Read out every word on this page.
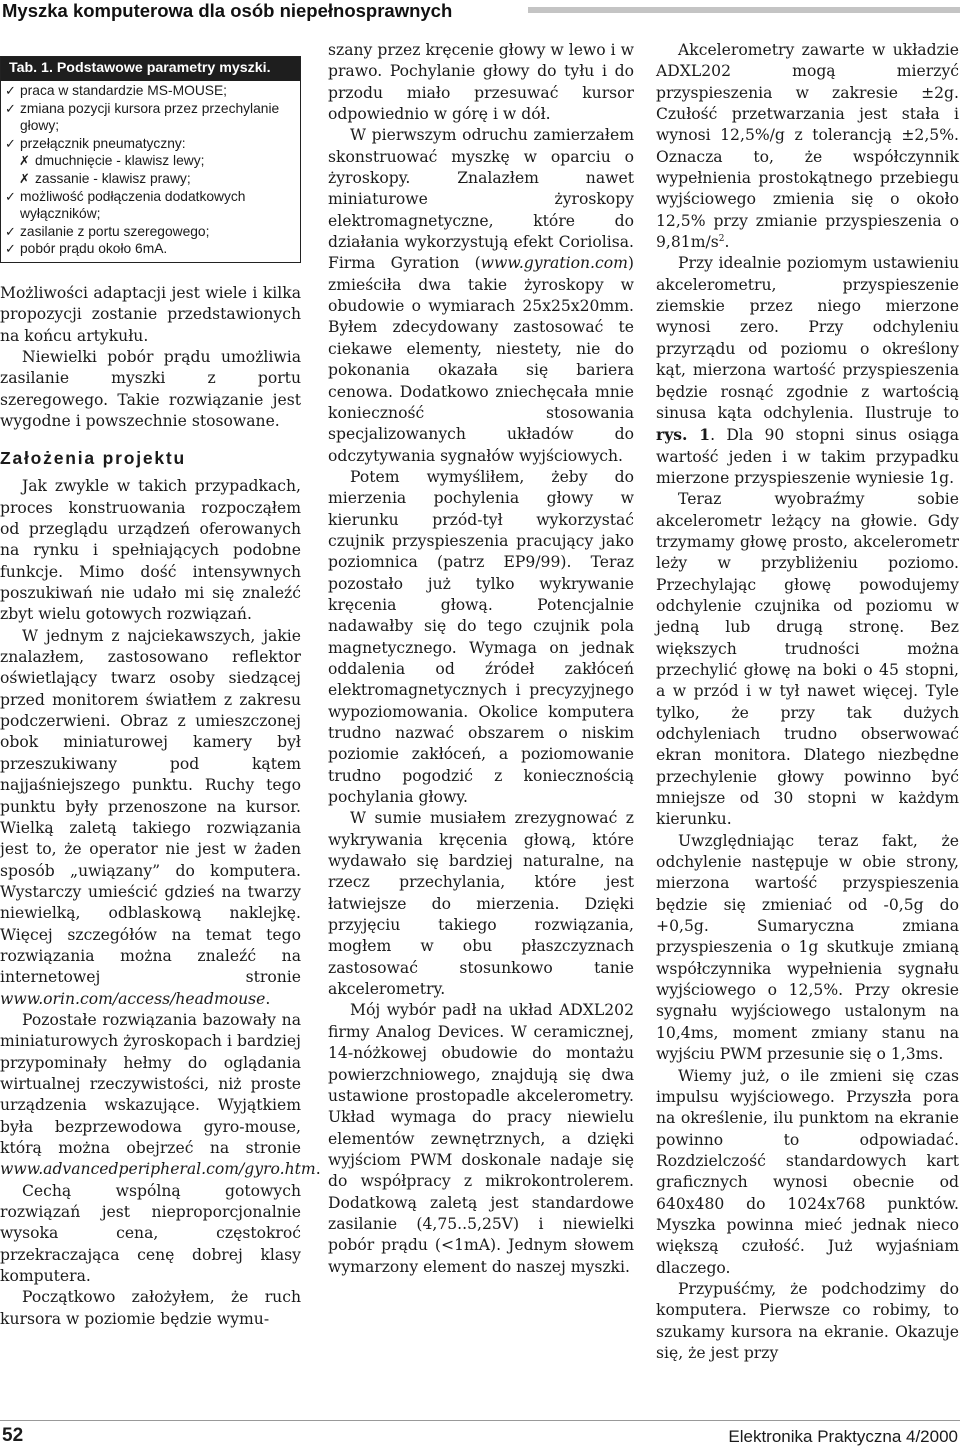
Myszka komputerowa dla osób niepełnosprawnych
Tab. 1. Podstawowe parametry myszki.
✓ praca w standardzie MS-MOUSE;
✓ zmiana pozycji kursora przez przechylanie głowy;
✓ przełącznik pneumatyczny:
✗ dmuchnięcie - klawisz lewy;
✗ zassanie - klawisz prawy;
✓ możliwość podłączenia dodatkowych wyłączników;
✓ zasilanie z portu szeregowego;
✓ pobór prądu około 6mA.

Możliwości adaptacji jest wiele i kilka propozycji zostanie przedstawionych na końcu artykułu.

Niewielki pobór prądu umożliwia zasilanie myszki z portu szeregowego. Takie rozwiązanie jest wygodne i powszechnie stosowane.

Założenia projektu

Jak zwykle w takich przypadkach, proces konstruowania rozpocząłem od przeglądu urządzeń oferowanych na rynku i spełniających podobne funkcje. Mimo dość intensywnych poszukiwań nie udało mi się znaleźć zbyt wielu gotowych rozwiązań.

W jednym z najciekawszych, jakie znalazłem, zastosowano reflektor oświetlający twarz osoby siedzącej przed monitorem światłem z zakresu podczerwieni. Obraz z umieszczonej obok miniaturowej kamery był przeszukiwany pod kątem najjaśniejszego punktu. Ruchy tego punktu były przenoszone na kursor. Wielką zaletą takiego rozwiązania jest to, że operator nie jest w żaden sposób „uwiązany” do komputera. Wystarczy umieścić gdzieś na twarzy niewielką, odblaskową naklejkę. Więcej szczegółów na temat tego rozwiązania można znaleźć na internetowej stronie www.orin.com/access/headmouse.

Pozostałe rozwiązania bazowały na miniaturowych żyroskopach i bardziej przypominały hełmy do oglądania wirtualnej rzeczywistości, niż proste urządzenia wskazujące. Wyjątkiem była bezprzewodowa gyro-mouse, którą można obejrzeć na stronie www.advancedperipheral.com/gyro.htm.

Cechą wspólną gotowych rozwiązań jest nieproporcjonalnie wysoka cena, częstokroć przekraczająca cenę dobrej klasy komputera.

Początkowo założyłem, że ruch kursora w poziomie będzie wymu-

szany przez kręcenie głowy w lewo i w prawo. Pochylanie głowy do tyłu i do przodu miało przesuwać kursor odpowiednio w górę i w dół.

W pierwszym odruchu zamierzałem skonstruować myszkę w oparciu o żyroskopy. Znalazłem nawet miniaturowe żyroskopy elektromagnetyczne, które do działania wykorzystują efekt Coriolisa. Firma Gyration (www.gyration.com) zmieściła dwa takie żyroskopy w obudowie o wymiarach 25x25x20mm. Byłem zdecydowany zastosować te ciekawe elementy, niestety, nie do pokonania okazała się bariera cenowa. Dodatkowo zniechęcała mnie konieczność stosowania specjalizowanych układów do odczytywania sygnałów wyjściowych.

Potem wymyśliłem, żeby do mierzenia pochylenia głowy w kierunku przód-tył wykorzystać czujnik przyspieszenia pracujący jako poziomnica (patrz EP9/99). Teraz pozostało już tylko wykrywanie kręcenia głową. Potencjalnie nadawałby się do tego czujnik pola magnetycznego. Wymaga on jednak oddalenia od źródeł zakłóceń elektromagnetycznych i precyzyjnego wypoziomowania. Okolice komputera trudno nazwać obszarem o niskim poziomie zakłóceń, a poziomowanie trudno pogodzić z koniecznością pochylania głowy.

W sumie musiałem zrezygnować z wykrywania kręcenia głową, które wydawało się bardziej naturalne, na rzecz przechylania, które jest łatwiejsze do mierzenia. Dzięki przyjęciu takiego rozwiązania, mogłem w obu płaszczyznach zastosować stosunkowo tanie akcelerometry.

Mój wybór padł na układ ADXL202 firmy Analog Devices. W ceramicznej, 14-nóżkowej obudowie do montażu powierzchniowego, znajdują się dwa ustawione prostopadle akcelerometry. Układ wymaga do pracy niewielu elementów zewnętrznych, a dzięki wyjściom PWM doskonale nadaje się do współpracy z mikrokontrolerem. Dodatkową zaletą jest standardowe zasilanie (4,75..5,25V) i niewielki pobór prądu (<1mA). Jednym słowem wymarzony element do naszej myszki.

Akcelerometry zawarte w układzie ADXL202 mogą mierzyć przyspieszenia w zakresie ±2g. Czułość przetwarzania jest stała i wynosi 12,5%/g z tolerancją ±2,5%. Oznacza to, że współczynnik wypełnienia prostokątnego przebiegu wyjściowego zmienia się o około 12,5% przy zmianie przyspieszenia o $9,81m/s^2$.

Przy idealnie poziomym ustawieniu akcelerometru, przyspieszenie ziemskie przez niego mierzone wynosi zero. Przy odchyleniu przyrządu od poziomu o określony kąt, mierzona wartość przyspieszenia będzie rosnąć zgodnie z wartością sinusa kąta odchylenia. Ilustruje to rys. 1. Dla 90 stopni sinus osiąga wartość jeden i w takim przypadku mierzone przyspieszenie wyniesie 1g.

Teraz wyobraźmy sobie akcelerometr leżący na głowie. Gdy trzymamy głowę prosto, akcelerometr leży w przybliżeniu poziomo. Przechylając głowę powodujemy odchylenie czujnika od poziomu w jedną lub drugą stronę. Bez większych trudności można przechylić głowę na boki o 45 stopni, a w przód i w tył nawet więcej. Tyle tylko, że przy tak dużych odchyleniach trudno obserwować ekran monitora. Dlatego niezbędne przechylenie głowy powinno być mniejsze od 30 stopni w każdym kierunku.

Uwzględniając teraz fakt, że odchylenie następuje w obie strony, mierzona wartość przyspieszenia będzie się zmieniać od -0,5g do +0,5g. Sumaryczna zmiana przyspieszenia o 1g skutkuje zmianą współczynnika wypełnienia sygnału wyjściowego o 12,5%. Przy okresie sygnału wyjściowego ustalonym na 10,4ms, moment zmiany stanu na wyjściu PWM przesunie się o 1,3ms.

Wiemy już, o ile zmieni się czas impulsu wyjściowego. Przyszła pora na określenie, ilu punktom na ekranie powinno to odpowiadać. Rozdzielczość standardowych kart graficznych wynosi obecnie od 640x480 do 1024x768 punktów. Myszka powinna mieć jednak nieco większą czułość. Już wyjaśniam dlaczego.

Przypuśćmy, że podchodzimy do komputera. Pierwsze co robimy, to szukamy kursora na ekranie. Okazuje się, że jest przy

52	Elektronika Praktyczna 4/2000
